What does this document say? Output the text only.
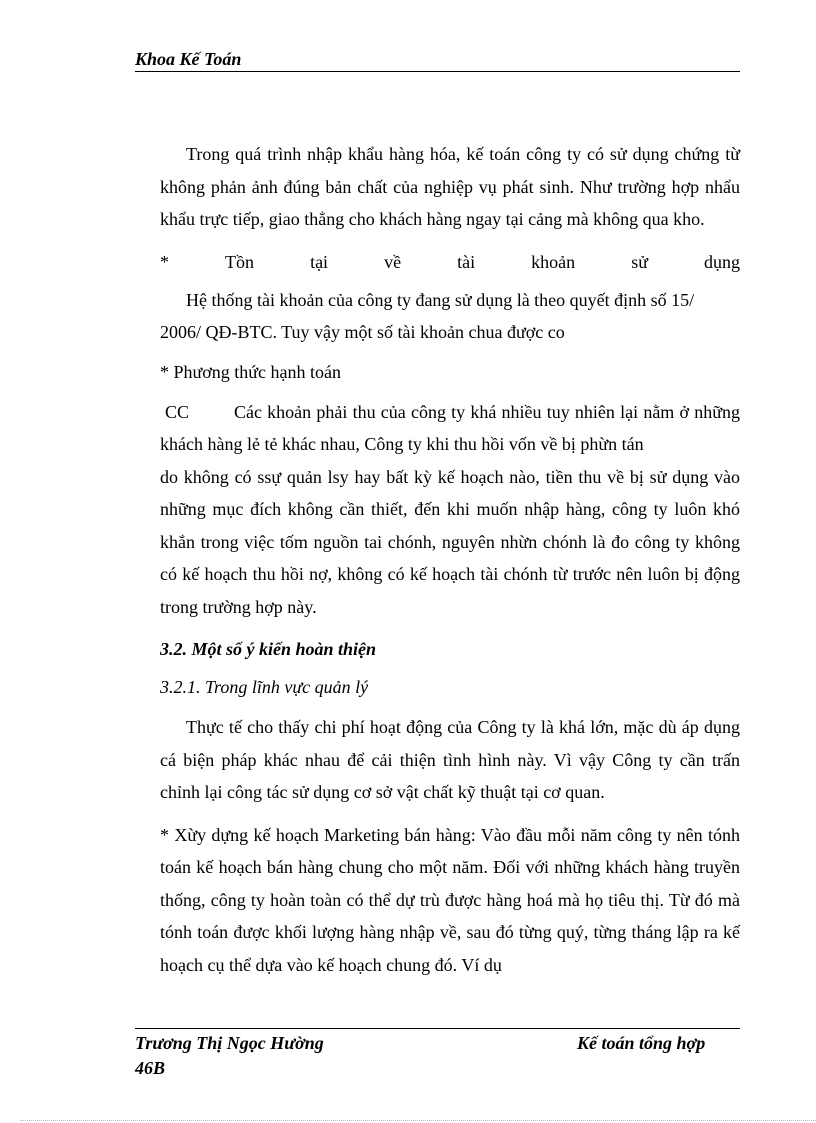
Khoa Kế Toán

Trong quá trình nhập khẩu hàng hóa, kế toán công ty có sử dụng chứng từ không phản ảnh đúng bản chất của nghiệp vụ phát sinh. Như trường hợp nhẩu khẩu trực tiếp, giao thẳng cho khách hàng ngay tại cảng mà không qua kho.

*	Tồn	tại	về	tài	khoản	sử	dụng
Hệ thống tài khoản của công ty đang sử dụng là theo quyết định số 15/
2006/ QĐ-BTC. Tuy vậy một số tài khoản chua được co
* Phương thức hạnh toán

CC Các khoản phải thu của công ty khá nhiều tuy nhiên lại nằm ở những khách hàng lẻ tẻ khác nhau, Công ty khi thu hồi vốn về bị phừn tán

do không có ssự quản lsy hay bất kỳ kế hoạch nào, tiền thu về bị sử dụng vào những mục đích không cần thiết, đến khi muốn nhập hàng, công ty luôn khó khắn trong việc tốm nguồn tai chónh, nguyên nhừn chónh là đo công ty không có kế hoạch thu hồi nợ, không có kế hoạch tài chónh từ trước nên luôn bị động trong trường hợp này.

3.2. Một số ý kiến hoàn thiện
3.2.1. Trong lĩnh vực quản lý

Thực tế cho thấy chi phí hoạt động của Công ty là khá lớn, mặc dù áp dụng cá biện pháp khác nhau để cải thiện tình hình này. Vì vậy Công ty cần trấn chỉnh lại công tác sử dụng cơ sở vật chất kỹ thuật tại cơ quan.

* Xừy dựng kế hoạch Marketing bán hàng: Vào đầu mỗi năm công ty nên tónh toán kế hoạch bán hàng chung cho một năm. Đối với những khách hàng truyền thống, công ty hoàn toàn có thể dự trù được hàng hoá mà họ tiêu thị. Từ đó mà tónh toán được khối lượng hàng nhập về, sau đó từng quý, từng tháng lập ra kế hoạch cụ thể dựa vào kế hoạch chung đó. Ví dụ

Trương Thị Ngọc Hường
46B
Kế toán tổng hợp
